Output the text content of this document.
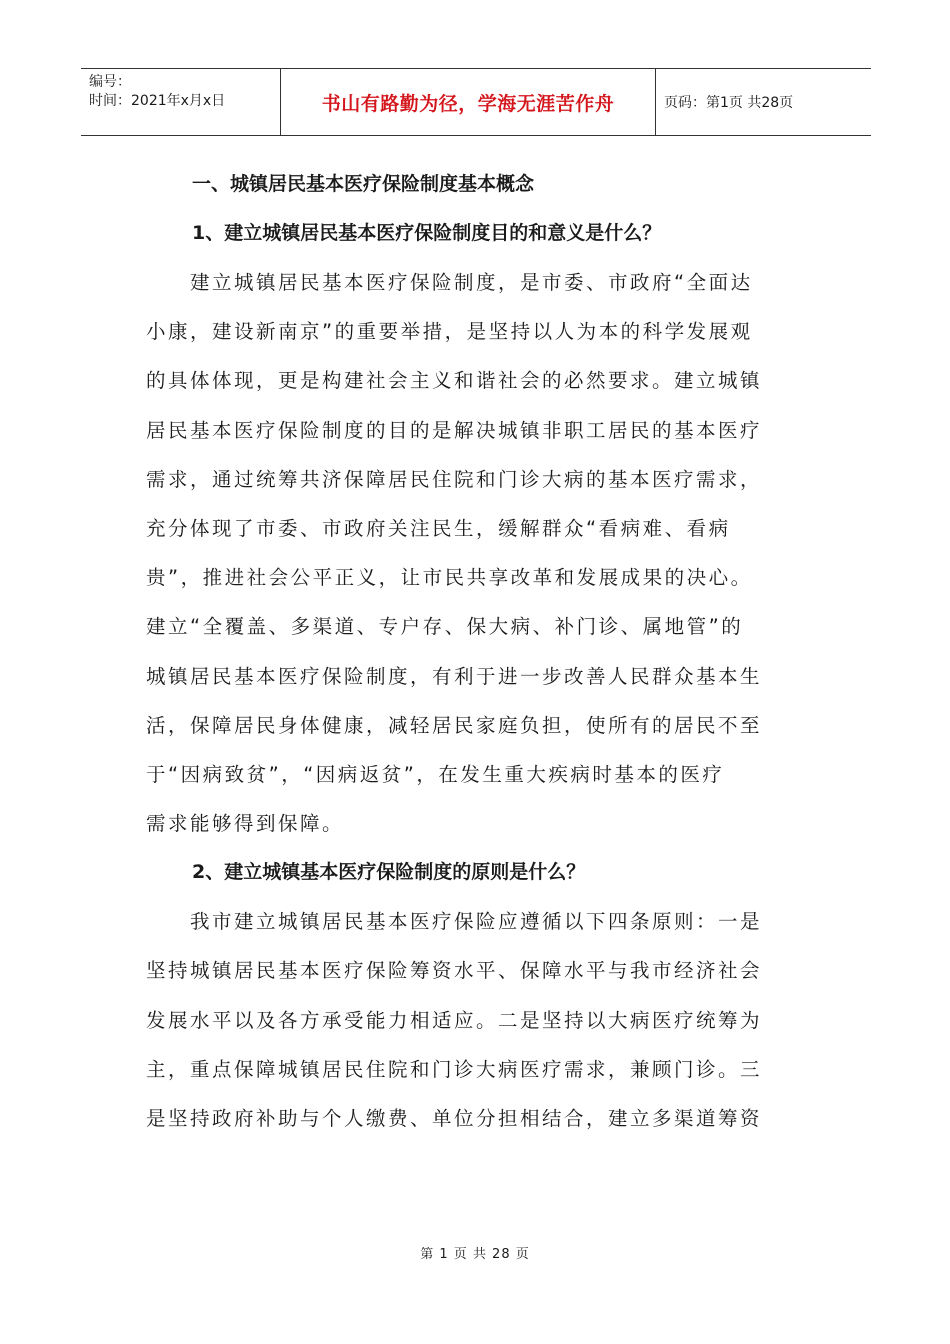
编号：
时间：2021年x月x日	书山有路勤为径，学海无涯苦作舟	页码：第1页 共28页
一、城镇居民基本医疗保险制度基本概念
1、建立城镇居民基本医疗保险制度目的和意义是什么？

　　建立城镇居民基本医疗保险制度，是市委、市政府“全面达
小康，建设新南京”的重要举措，是坚持以人为本的科学发展观
的具体体现，更是构建社会主义和谐社会的必然要求。建立城镇
居民基本医疗保险制度的目的是解决城镇非职工居民的基本医疗
需求，通过统筹共济保障居民住院和门诊大病的基本医疗需求，
充分体现了市委、市政府关注民生，缓解群众“看病难、看病
贵”，推进社会公平正义，让市民共享改革和发展成果的决心。
建立“全覆盖、多渠道、专户存、保大病、补门诊、属地管”的
城镇居民基本医疗保险制度，有利于进一步改善人民群众基本生
活，保障居民身体健康，减轻居民家庭负担，使所有的居民不至
于“因病致贫”，“因病返贫”，在发生重大疾病时基本的医疗
需求能够得到保障。

2、建立城镇基本医疗保险制度的原则是什么？

　　我市建立城镇居民基本医疗保险应遵循以下四条原则：一是
坚持城镇居民基本医疗保险筹资水平、保障水平与我市经济社会
发展水平以及各方承受能力相适应。二是坚持以大病医疗统筹为
主，重点保障城镇居民住院和门诊大病医疗需求，兼顾门诊。三
是坚持政府补助与个人缴费、单位分担相结合，建立多渠道筹资

第 1 页 共 28 页
